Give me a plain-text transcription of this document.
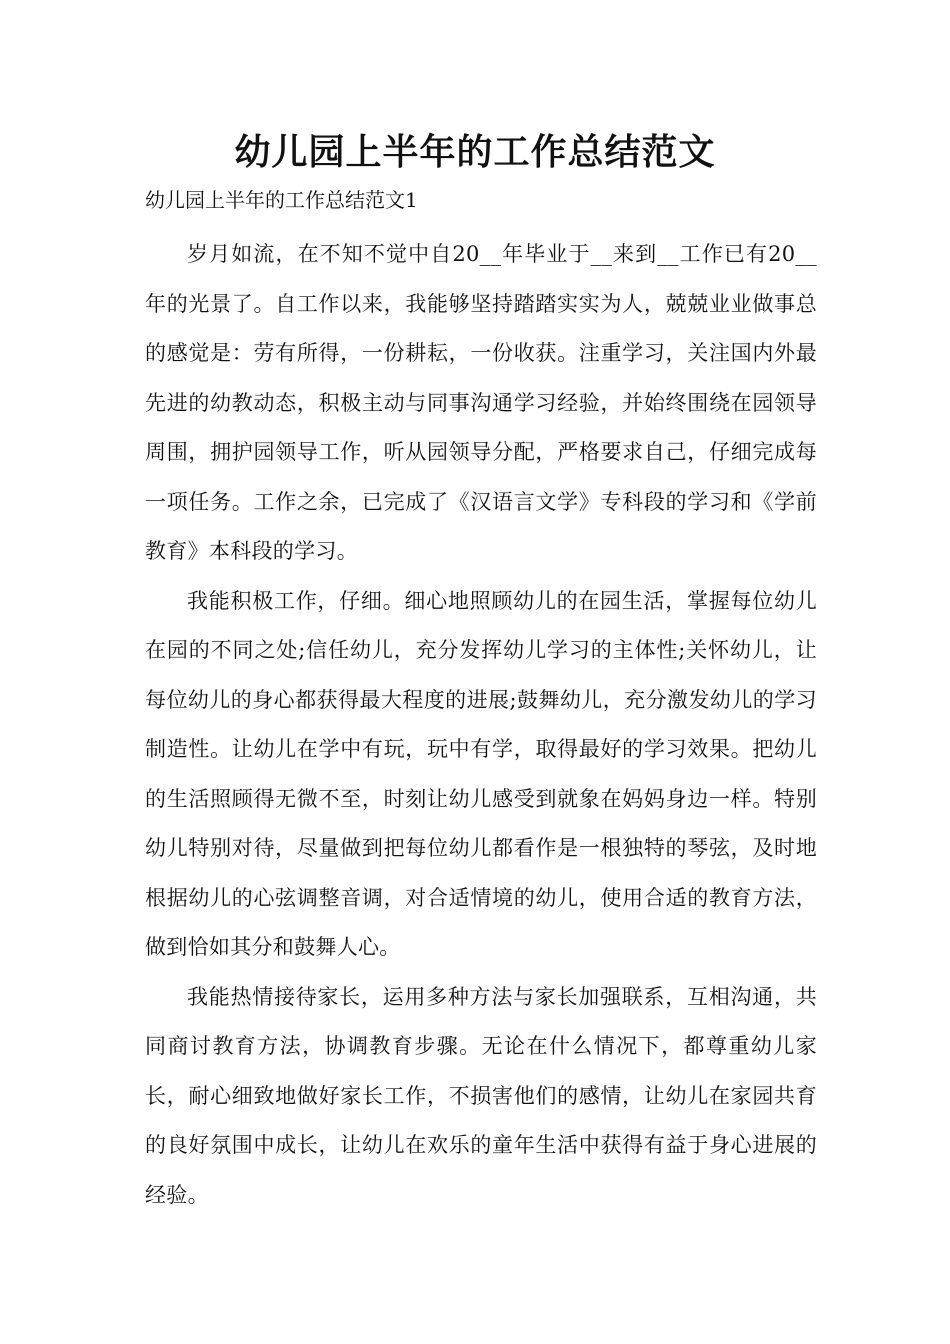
幼儿园上半年的工作总结范文

幼儿园上半年的工作总结范文1

岁月如流，在不知不觉中自20__年毕业于__来到__工作已有20__年的光景了。自工作以来，我能够坚持踏踏实实为人，兢兢业业做事总的感觉是：劳有所得，一份耕耘，一份收获。注重学习，关注国内外最先进的幼教动态，积极主动与同事沟通学习经验，并始终围绕在园领导周围，拥护园领导工作，听从园领导分配，严格要求自己，仔细完成每一项任务。工作之余，已完成了《汉语言文学》专科段的学习和《学前教育》本科段的学习。

我能积极工作，仔细。细心地照顾幼儿的在园生活，掌握每位幼儿在园的不同之处;信任幼儿，充分发挥幼儿学习的主体性;关怀幼儿，让每位幼儿的身心都获得最大程度的进展;鼓舞幼儿，充分激发幼儿的学习制造性。让幼儿在学中有玩，玩中有学，取得最好的学习效果。把幼儿的生活照顾得无微不至，时刻让幼儿感受到就象在妈妈身边一样。特别幼儿特别对待，尽量做到把每位幼儿都看作是一根独特的琴弦，及时地根据幼儿的心弦调整音调，对合适情境的幼儿，使用合适的教育方法，做到恰如其分和鼓舞人心。

我能热情接待家长，运用多种方法与家长加强联系，互相沟通，共同商讨教育方法，协调教育步骤。无论在什么情况下，都尊重幼儿家长，耐心细致地做好家长工作，不损害他们的感情，让幼儿在家园共育的良好氛围中成长，让幼儿在欢乐的童年生活中获得有益于身心进展的经验。
